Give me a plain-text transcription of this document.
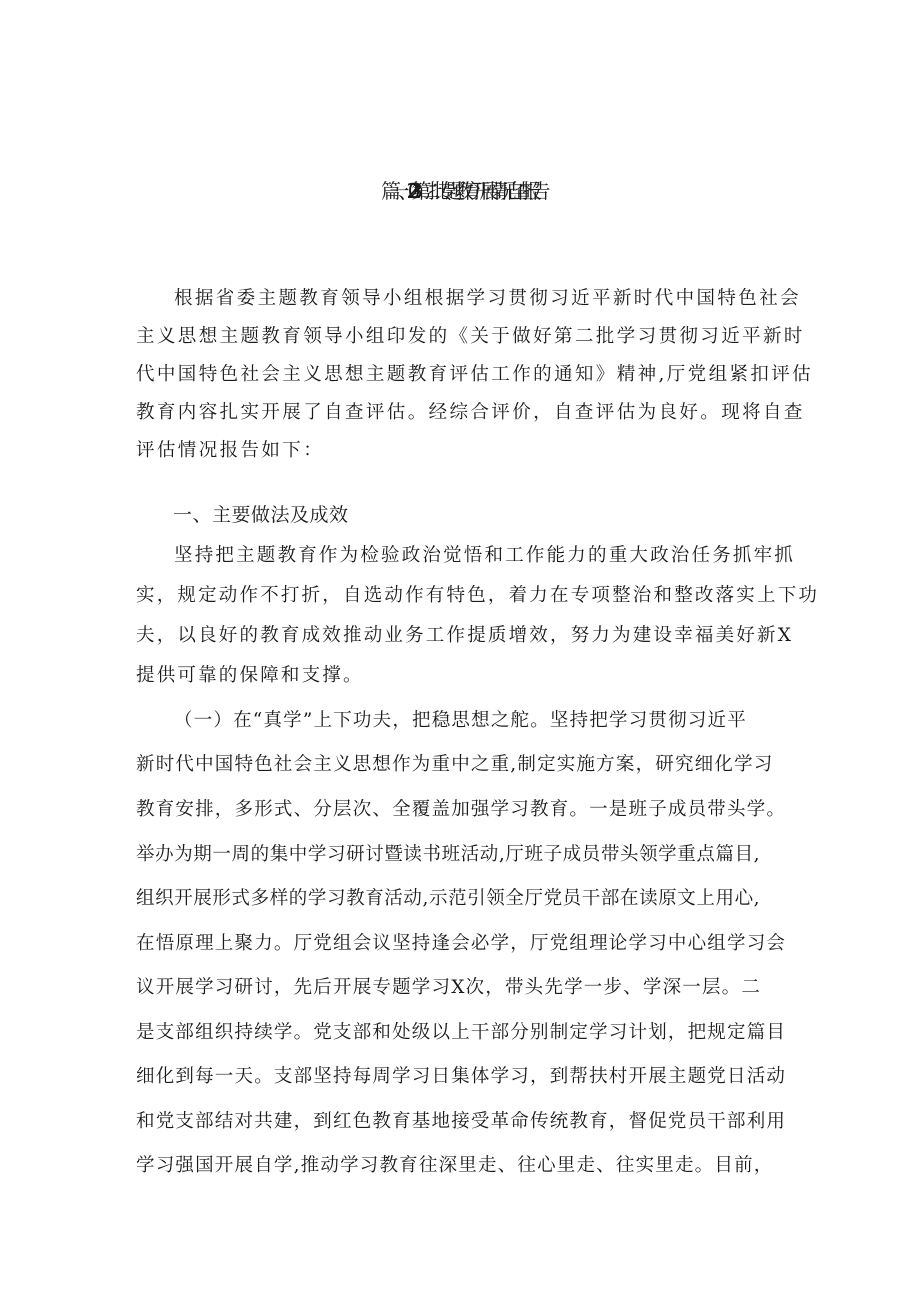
篇一、2023第二批专题教育开展情况自查报告
根据省委主题教育领导小组根据学习贯彻习近平新时代中国特色社会
主义思想主题教育领导小组印发的《关于做好第二批学习贯彻习近平新时
代中国特色社会主义思想主题教育评估工作的通知》精神,厅党组紧扣评估
教育内容扎实开展了自查评估。经综合评价，自查评估为良好。现将自查
评估情况报告如下：
一、主要做法及成效
坚持把主题教育作为检验政治觉悟和工作能力的重大政治任务抓牢抓
实，规定动作不打折，自选动作有特色，着力在专项整治和整改落实上下功
夫，以良好的教育成效推动业务工作提质增效，努力为建设幸福美好新X
提供可靠的保障和支撑。
（一）在“真学”上下功夫，把稳思想之舵。坚持把学习贯彻习近平
新时代中国特色社会主义思想作为重中之重,制定实施方案，研究细化学习
教育安排，多形式、分层次、全覆盖加强学习教育。一是班子成员带头学。
举办为期一周的集中学习研讨暨读书班活动,厅班子成员带头领学重点篇目,
组织开展形式多样的学习教育活动,示范引领全厅党员干部在读原文上用心,
在悟原理上聚力。厅党组会议坚持逢会必学，厅党组理论学习中心组学习会
议开展学习研讨，先后开展专题学习X次，带头先学一步、学深一层。二
是支部组织持续学。党支部和处级以上干部分别制定学习计划，把规定篇目
细化到每一天。支部坚持每周学习日集体学习，到帮扶村开展主题党日活动
和党支部结对共建，到红色教育基地接受革命传统教育，督促党员干部利用
学习强国开展自学,推动学习教育往深里走、往心里走、往实里走。目前，
